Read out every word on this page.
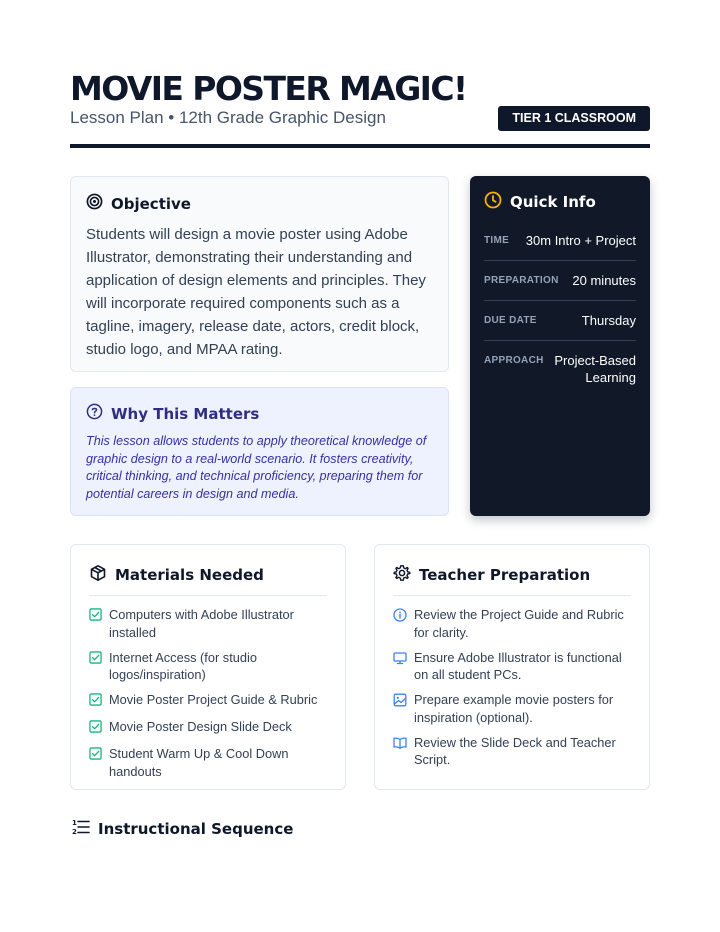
MOVIE POSTER MAGIC!
Lesson Plan • 12th Grade Graphic Design	TIER 1 CLASSROOM
Objective
Students will design a movie poster using Adobe Illustrator, demonstrating their understanding and application of design elements and principles. They will incorporate required components such as a tagline, imagery, release date, actors, credit block, studio logo, and MPAA rating.
Why This Matters
This lesson allows students to apply theoretical knowledge of graphic design to a real-world scenario. It fosters creativity, critical thinking, and technical proficiency, preparing them for potential careers in design and media.
Quick Info
TIME 30m Intro + Project
PREPARATION 20 minutes
DUE DATE	Thursday
APPROACH Project-Based Learning
Materials Needed
Computers with Adobe Illustrator installed
Internet Access (for studio logos/inspiration)
Movie Poster Project Guide & Rubric
Movie Poster Design Slide Deck
Student Warm Up & Cool Down handouts
Teacher Preparation
Review the Project Guide and Rubric for clarity.
Ensure Adobe Illustrator is functional on all student PCs.
Prepare example movie posters for inspiration (optional).
Review the Slide Deck and Teacher Script.
1
2 Instructional Sequence
